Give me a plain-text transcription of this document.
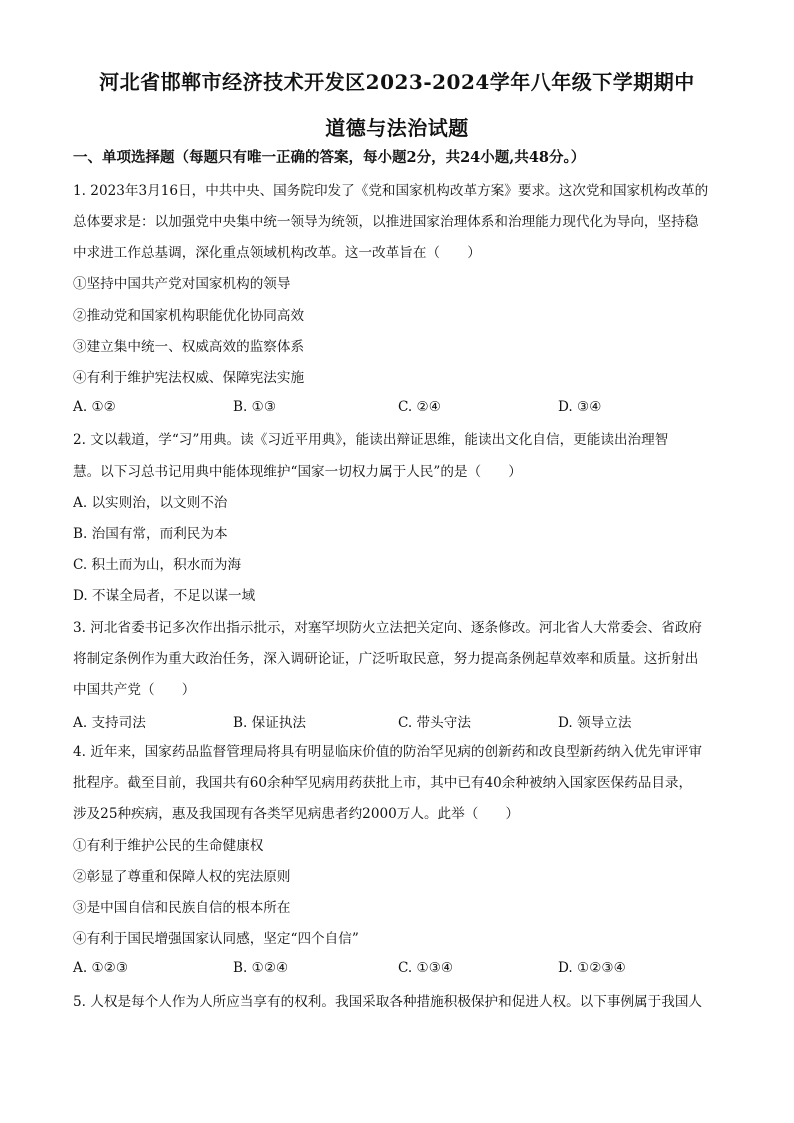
河北省邯郸市经济技术开发区2023-2024学年八年级下学期期中
道德与法治试题
一、单项选择题（每题只有唯一正确的答案，每小题2分，共24小题,共48分。）
1. 2023年3月16日，中共中央、国务院印发了《党和国家机构改革方案》要求。这次党和国家机构改革的
总体要求是：以加强党中央集中统一领导为统领，以推进国家治理体系和治理能力现代化为导向，坚持稳
中求进工作总基调，深化重点领域机构改革。这一改革旨在（　　）
①坚持中国共产党对国家机构的领导
②推动党和国家机构职能优化协同高效
③建立集中统一、权威高效的监察体系
④有利于维护宪法权威、保障宪法实施
A. ①②	B. ①③	C. ②④	D. ③④
2. 文以载道，学“习”用典。读《习近平用典》，能读出辩证思维，能读出文化自信，更能读出治理智
慧。以下习总书记用典中能体现维护“国家一切权力属于人民”的是（　　）
A. 以实则治，以文则不治
B. 治国有常，而利民为本
C. 积土而为山，积水而为海
D. 不谋全局者，不足以谋一域
3. 河北省委书记多次作出指示批示，对塞罕坝防火立法把关定向、逐条修改。河北省人大常委会、省政府
将制定条例作为重大政治任务，深入调研论证，广泛听取民意，努力提高条例起草效率和质量。这折射出
中国共产党（　　）
A. 支持司法	B. 保证执法	C. 带头守法	D. 领导立法
4. 近年来，国家药品监督管理局将具有明显临床价值的防治罕见病的创新药和改良型新药纳入优先审评审
批程序。截至目前，我国共有60余种罕见病用药获批上市，其中已有40余种被纳入国家医保药品目录，
涉及25种疾病，惠及我国现有各类罕见病患者约2000万人。此举（　　）
①有利于维护公民的生命健康权
②彰显了尊重和保障人权的宪法原则
③是中国自信和民族自信的根本所在
④有利于国民增强国家认同感，坚定“四个自信”
A. ①②③	B. ①②④	C. ①③④	D. ①②③④
5. 人权是每个人作为人所应当享有的权利。我国采取各种措施积极保护和促进人权。以下事例属于我国人
